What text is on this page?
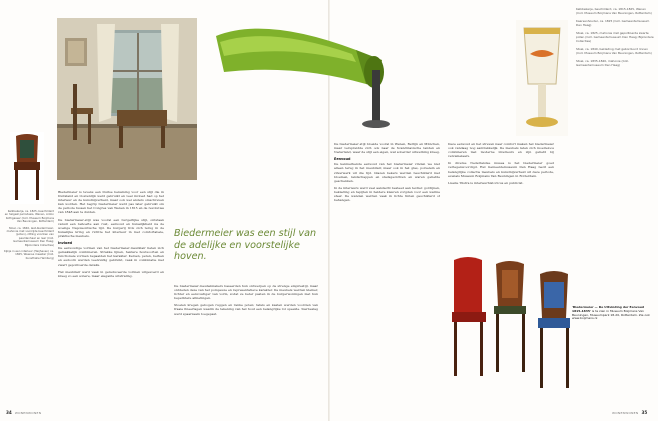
Kelkbekerje, ca. 1825, beschilderd en helgeël periodesis, Wenen, Anton Kothgasser (Coll. Museum Boijmans Van Beuningen, Rotterdam)

Stoel, ca. 1840, laat-biedermeier, mahonie met voorzijde beschilderd (poten), zitting voorzien van paardenhaar en leer (Coll. Gemeentemuseum Den Haag; Bijzondere Collecties)

Kijkje in een interieur (Heijhaven) ca. 1825, Weense meester (Coll. Kunsthalle Hamburg)

Biedermeier is tevens een Duitse benaming voor een stijl die in Duitsland en Oostenrijk werd gebruikt en veel invloed had op het interieur en de kunstnijverheid, maar ook wel anders omschreven kan worden. Het begrip biedermeier werd pas later gebruikt om de periode tussen het Congres van Wenen in 1815 en de revoluties van 1848 aan te duiden.

De biedermeier-stijl was vooral een burgerlijke stijl, ontstaan vanuit een behoefte aan rust, eenvoud en huiselijkheid na de woelige Napoleontische tijd. De burgerij trok zich terug in de huiselijke kring en richtte het interieur in met comfortabele, praktische meubels.

Invloed

De eenvoudige vormen van het biedermeier-meubilair lieten zich gemakkelijk combineren. Strakke lijnen, heldere houtsoorten en functionele vormen bepaalden het karakter. Kersen, peren, berken en esdoorn werden veelvuldig gebruikt, vaak in combinatie met zwart gepolitoerde details.

Het meubilair werd vaak in gereduceerde vormen uitgevoerd en kreeg zo een sobere, maar elegante uitstraling.

Biedermeier was een stijl van de adelijke en voorstelijke hoven.

De biedermeier-meubelmakers baseerden hun ontwerpen op de strenge empirestijl, maar ontdeden deze van het pompeuze en representatieve karakter. De meubels werden kleiner, lichter en eenvoudiger van vorm, zodat ze beter pasten in de burgerwoningen met hun beperktere afmetingen.

Stoelen kregen gebogen ruggen en ranke poten; tafels en kasten werden voorzien van fraaie fineerlagen waarin de tekening van het hout een belangrijke rol speelde. Sierbeslag werd spaarzaam toegepast.

34 WONENWONEN

De biedermeier-stijl bloeide vooral in Wenen, Berlijn en München, maar verspreidde zich ook naar de Scandinavische landen en Nederland, waar de stijl een eigen, wat soberder uitwerking kreeg.

Eenvoud

De kenmerkende eenvoud van het biedermeier vinden we niet alleen terug in het meubilair, maar ook in het glas, porselein en zilverwerk uit die tijd. Glazen bekers werden beschilderd met bloemen, landschappen en stadsgezichten en waren geliefde geschenken.

In de interieurs werd veel aandacht besteed aan textiel: gordijnen, bekleding en tapijten in heldere kleuren zorgden voor een warme sfeer. De wanden werden vaak in lichte tinten geschilderd of behangen.

Deze eenvoud en het streven naar comfort maken het biedermeier ook vandaag nog aantrekkelijk. De meubels laten zich moeiteloos combineren met moderne interieurs en zijn geliefd bij verzamelaars.

In diverse Nederlandse musea is het biedermeier goed vertegenwoordigd. Het Gemeentemuseum Den Haag bezit een belangrijke collectie meubels en kunstnijverheid uit deze periode, evenals Museum Boijmans Van Beuningen in Rotterdam.

Liselle Tilstra is interieurhistoricus en publicist.

Kelkbekerje, beschilderd, ca. 1815-1825, Wenen (Coll. Museum Boijmans Van Beuningen, Rotterdam)

Kaarsenhouder, ca. 1825 (Coll. Gemeentemuseum Den Haag)

Stoel, ca. 1825, mahonie met gepolitoerde zwarte poten (Coll. Gemeentemuseum Den Haag; Bijzondere Collecties)

Stoel, ca. 1840, bekleding met geborduurd linnen (Coll. Museum Boijmans Van Beuningen, Rotterdam)

Stoel, ca. 1835-1840, mahonie (Coll. Gemeentemuseum Den Haag)

'Biedermeier — De Uitvinding der Eenvoud 1815-1835' is te zien in Museum Boijmans Van Beuningen, Museumpark 18-20, Rotterdam. Zie ook www.boijmans.nl
WONENWONEN 35
